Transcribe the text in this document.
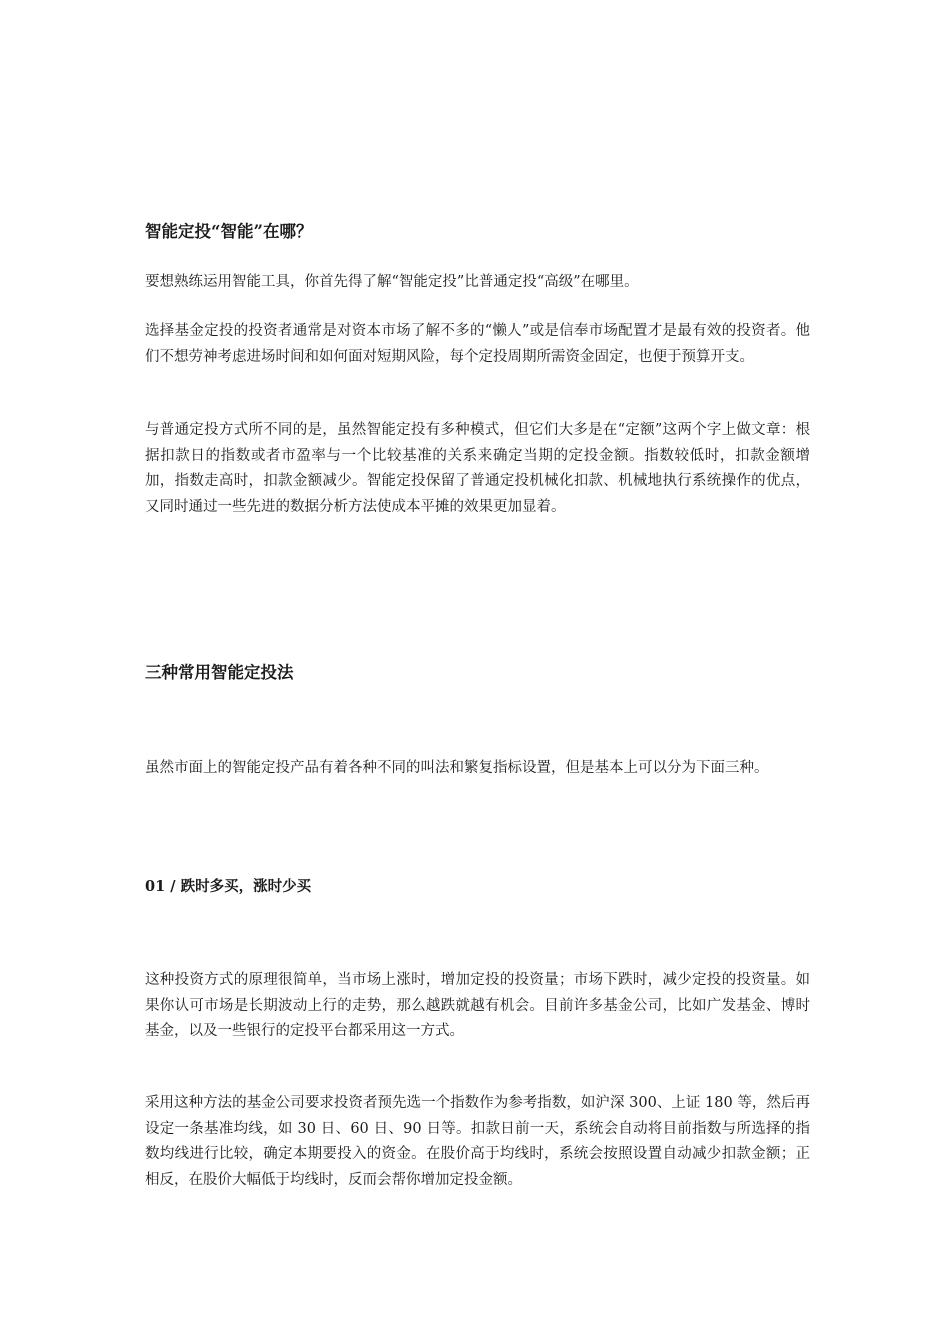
智能定投“智能”在哪？

要想熟练运用智能工具，你首先得了解“智能定投”比普通定投“高级”在哪里。

选择基金定投的投资者通常是对资本市场了解不多的“懒人”或是信奉市场配置才是最有效的投资者。他们不想劳神考虑进场时间和如何面对短期风险，每个定投周期所需资金固定，也便于预算开支。

与普通定投方式所不同的是，虽然智能定投有多种模式，但它们大多是在“定额”这两个字上做文章：根据扣款日的指数或者市盈率与一个比较基准的关系来确定当期的定投金额。指数较低时，扣款金额增加，指数走高时，扣款金额减少。智能定投保留了普通定投机械化扣款、机械地执行系统操作的优点，又同时通过一些先进的数据分析方法使成本平摊的效果更加显着。

三种常用智能定投法

虽然市面上的智能定投产品有着各种不同的叫法和繁复指标设置，但是基本上可以分为下面三种。

01 / 跌时多买，涨时少买

这种投资方式的原理很简单，当市场上涨时，增加定投的投资量；市场下跌时，减少定投的投资量。如果你认可市场是长期波动上行的走势，那么越跌就越有机会。目前许多基金公司，比如广发基金、博时基金，以及一些银行的定投平台都采用这一方式。

采用这种方法的基金公司要求投资者预先选一个指数作为参考指数，如沪深 300、上证 180 等，然后再设定一条基准均线，如 30 日、60 日、90 日等。扣款日前一天，系统会自动将目前指数与所选择的指数均线进行比较，确定本期要投入的资金。在股价高于均线时，系统会按照设置自动减少扣款金额；正相反，在股价大幅低于均线时，反而会帮你增加定投金额。
